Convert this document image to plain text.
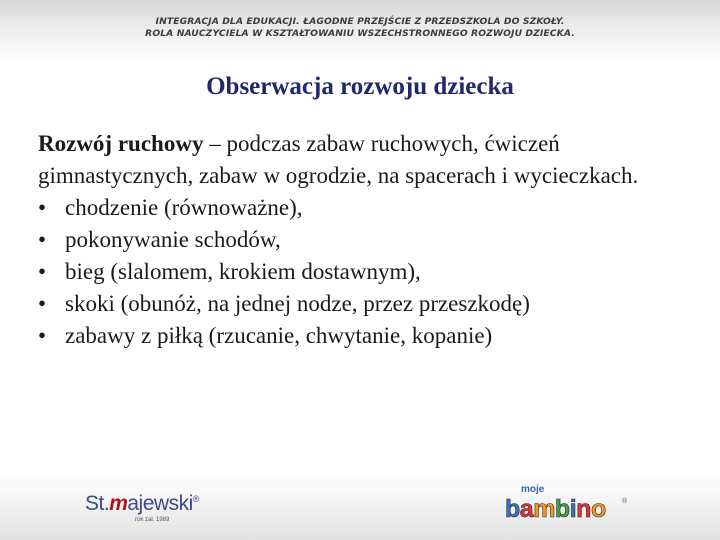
INTEGRACJA DLA EDUKACJI. ŁAGODNE PRZEJŚCIE Z PRZEDSZKOLA DO SZKOŁY.
ROLA NAUCZYCIELA W KSZTAŁTOWANIU WSZECHSTRONNEGO ROZWOJU DZIECKA.
Obserwacja rozwoju dziecka

Rozwój ruchowy – podczas zabaw ruchowych, ćwiczeń gimnastycznych, zabaw w ogrodzie, na spacerach i wycieczkach.

• chodzenie (równoważne),
• pokonywanie schodów,
• bieg (slalomem, krokiem dostawnym),
• skoki (obunóż, na jednej nodze, przez przeszkodę)
• zabawy z piłką (rzucanie, chwytanie, kopanie)
St.majewski®
rok zał. 1989
moje
bambino ®
